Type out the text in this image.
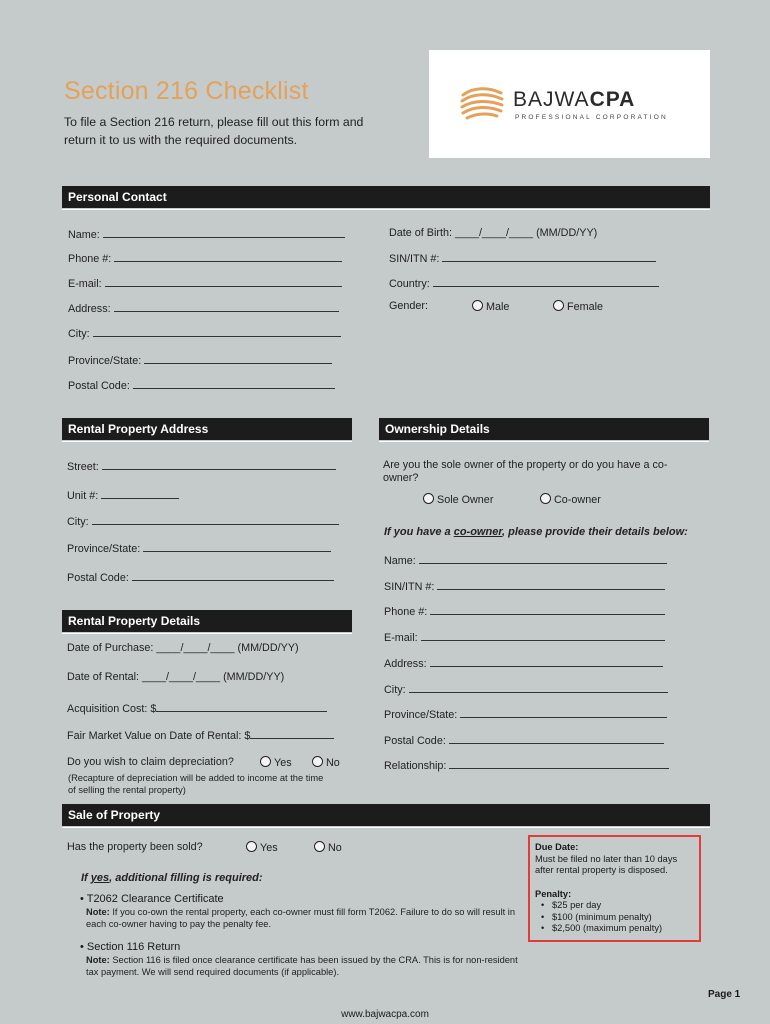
Section 216 Checklist
To file a Section 216 return, please fill out this form and return it to us with the required documents.
BAJWACPA
PROFESSIONAL CORPORATION
Personal Contact
Name:
Phone #:
E-mail:
Address:
City:
Province/State:
Postal Code:
Date of Birth: ____/____/____ (MM/DD/YY)
SIN/ITN #:
Country:
Gender:	Male	Female
Rental Property Address
Street:
Unit #:
City:
Province/State:
Postal Code:
Ownership Details
Are you the sole owner of the property or do you have a co-owner?
Sole Owner	Co-owner
If you have a co-owner, please provide their details below:
Name:
SIN/ITN #:
Phone #:
E-mail:
Address:
City:
Province/State:
Postal Code:
Relationship:
Rental Property Details
Date of Purchase: ____/____/____ (MM/DD/YY)
Date of Rental: ____/____/____ (MM/DD/YY)
Acquisition Cost: $
Fair Market Value on Date of Rental: $
Do you wish to claim depreciation?	Yes	No
(Recapture of depreciation will be added to income at the time of selling the rental property)
Sale of Property
Has the property been sold?	Yes	No
If yes, additional filling is required:
• T2062 Clearance Certificate
Note: If you co-own the rental property, each co-owner must fill form T2062. Failure to do so will result in each co-owner having to pay the penalty fee.
• Section 116 Return
Note: Section 116 is filed once clearance certificate has been issued by the CRA. This is for non-resident tax payment. We will send required documents (if applicable).
Due Date:
Must be filed no later than 10 days after rental property is disposed.
Penalty:
• $25 per day
• $100 (minimum penalty)
• $2,500 (maximum penalty)
Page 1
www.bajwacpa.com
